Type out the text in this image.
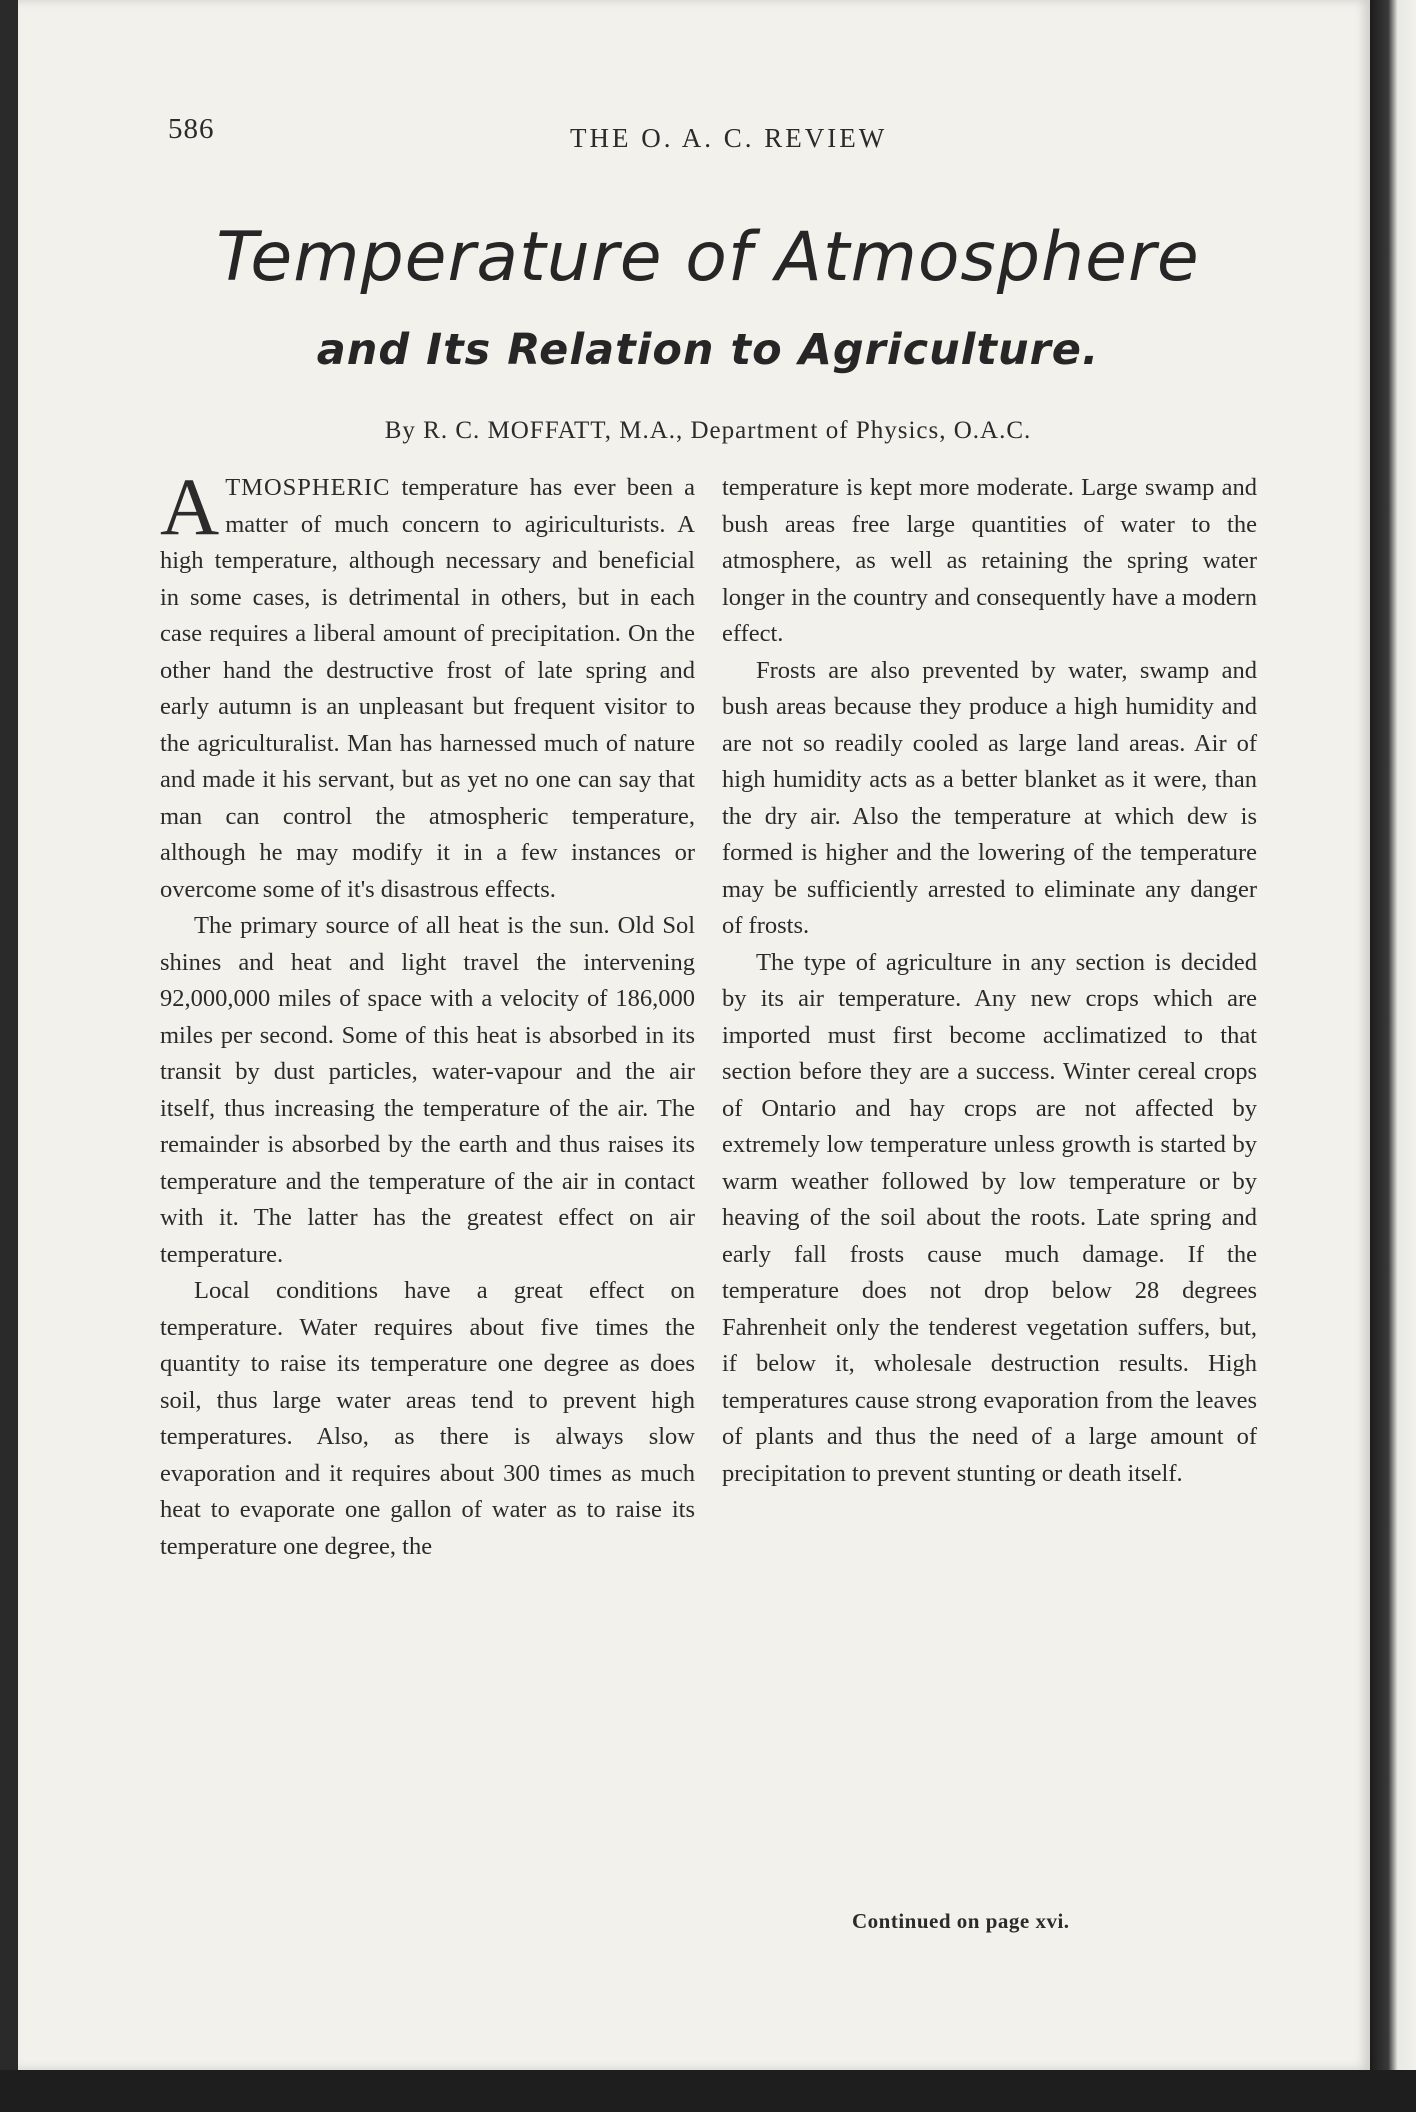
586	THE O. A. C. REVIEW
Temperature of Atmosphere
and Its Relation to Agriculture.
By R. C. MOFFATT, M.A., Department of Physics, O.A.C.

ATMOSPHERIC temperature has ever been a matter of much concern to agiriculturists. A high temperature, although necessary and beneficial in some cases, is detrimental in others, but in each case requires a liberal amount of precipitation. On the other hand the destructive frost of late spring and early autumn is an unpleasant but frequent visitor to the agriculturalist. Man has harnessed much of nature and made it his servant, but as yet no one can say that man can control the atmospheric temperature, although he may modify it in a few instances or overcome some of it's disastrous effects.

The primary source of all heat is the sun. Old Sol shines and heat and light travel the intervening 92,000,000 miles of space with a velocity of 186,000 miles per second. Some of this heat is absorbed in its transit by dust particles, water-vapour and the air itself, thus increasing the temperature of the air. The remainder is absorbed by the earth and thus raises its temperature and the temperature of the air in contact with it. The latter has the greatest effect on air temperature.

Local conditions have a great effect on temperature. Water requires about five times the quantity to raise its temperature one degree as does soil, thus large water areas tend to prevent high temperatures. Also, as there is always slow evaporation and it requires about 300 times as much heat to evaporate one gallon of water as to raise its temperature one degree, the

temperature is kept more moderate. Large swamp and bush areas free large quantities of water to the atmosphere, as well as retaining the spring water longer in the country and consequently have a modern effect.

Frosts are also prevented by water, swamp and bush areas because they produce a high humidity and are not so readily cooled as large land areas. Air of high humidity acts as a better blanket as it were, than the dry air. Also the temperature at which dew is formed is higher and the lowering of the temperature may be sufficiently arrested to eliminate any danger of frosts.

The type of agriculture in any section is decided by its air temperature. Any new crops which are imported must first become acclimatized to that section before they are a success. Winter cereal crops of Ontario and hay crops are not affected by extremely low temperature unless growth is started by warm weather followed by low temperature or by heaving of the soil about the roots. Late spring and early fall frosts cause much damage. If the temperature does not drop below 28 degrees Fahrenheit only the tenderest vegetation suffers, but, if below it, wholesale destruction results. High temperatures cause strong evaporation from the leaves of plants and thus the need of a large amount of precipitation to prevent stunting or death itself.

Continued on page xvi.
